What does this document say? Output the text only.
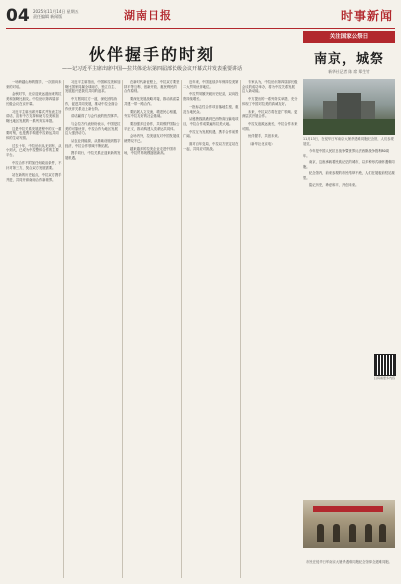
04 2025年11月14日 星期五
责任编辑 新闻版	湖南日报	时事新闻
伙伴握手的时刻
——记习近平主席出席中国—拉共体论坛第四届部长级会议开幕式并发表重要讲话

一场跨越山海的握手，一次面向未来的对话。

金秋时节，北京迎来远道而来的拉美和加勒比朋友。中拉论坛第四届部长级会议在京开幕。

习近平主席出席开幕式并发表主旨讲话，宣布中方支持和助力拉美和加勒比地区发展的一系列务实举措。

这是中拉关系发展进程中的又一重要时刻，也是携手构建中拉命运共同体的生动写照。

过去十年，中拉论坛从无到有，从小到大，已成为中拉整体合作的主要平台。

中拉合作不附加任何政治条件，不针对第三方，契合双方发展需要。

站在新的历史起点，中拉双方携手并进，共同开辟南南合作新境界。

习近平主席指出，中国和拉美和加勒比国家同属全球南方，独立自主、发展振兴是我们共同的追求。

中方愿同拉方一道，深化团结协作，促进共同发展，推动中拉全面合作伙伴关系迈上新台阶。

讲话赢得了与会代表的热烈掌声。

与会拉方代表纷纷表示，中国是拉美的可靠伙伴，中拉合作为地区发展注入强劲动力。

从农业到能源，从基础设施到数字经济，中拉合作领域不断拓展。

携手同行，中拉关系正迎来新的发展机遇。

在新时代新征程上，中拉双方要坚持平等互利、创新开放、惠民利民的合作原则。

要深化发展战略对接，推动高质量共建一带一路合作。

要拓展人文交流，增进民心相通，夯实中拉友好的社会基础。

要加强多边协作，共同维护国际公平正义，推动构建人类命运共同体。

会场内外，拉美朋友对中国发展成就赞叹不已。

越来越多的拉美企业走进中国市场，中拉贸易规模屡创新高。

近年来，中国连续多年保持拉美第二大贸易伙伴地位。

中拉贸易额突破历史纪录，双向投资持续增长。

一批标志性合作项目落地生根，惠及当地民众。

从秘鲁钱凯港到巴西特高压输电项目，中拉合作成果遍布拉美大地。

中拉互为发展机遇，携手合作前景广阔。

面对百年变局，中拉双方坚定站在一起，共同应对挑战。

专家认为，中拉论坛第四届部长级会议的成功举办，将为中拉关系发展注入新动能。

中方提出的一系列务实举措，充分体现了中国对拉美的真诚友好。

未来，中拉双方将在更广领域、更深层次开展合作。

中拉友谊源远流长，中拉合作未来可期。

伙伴握手，共创未来。

（新华社北京电）

关注国家公祭日
南京，城祭
新华社记者 陈 席 郑生竹
11月13日，在侵华日军南京大屠杀遇难同胞纪念馆，人们参观展览。

今年是中国人民抗日战争暨世界反法西斯战争胜利80周年。

南京，这座承载着民族记忆的城市，以多种形式缅怀遇难同胞。

纪念馆内，前来参观的市民络绎不绝，人们在展板前驻足凝思。

铭记历史，珍爱和平，开创未来。

扫码看更多内容
市民在侵华日军南京大屠杀遇难同胞纪念馆悼念遇难同胞。
